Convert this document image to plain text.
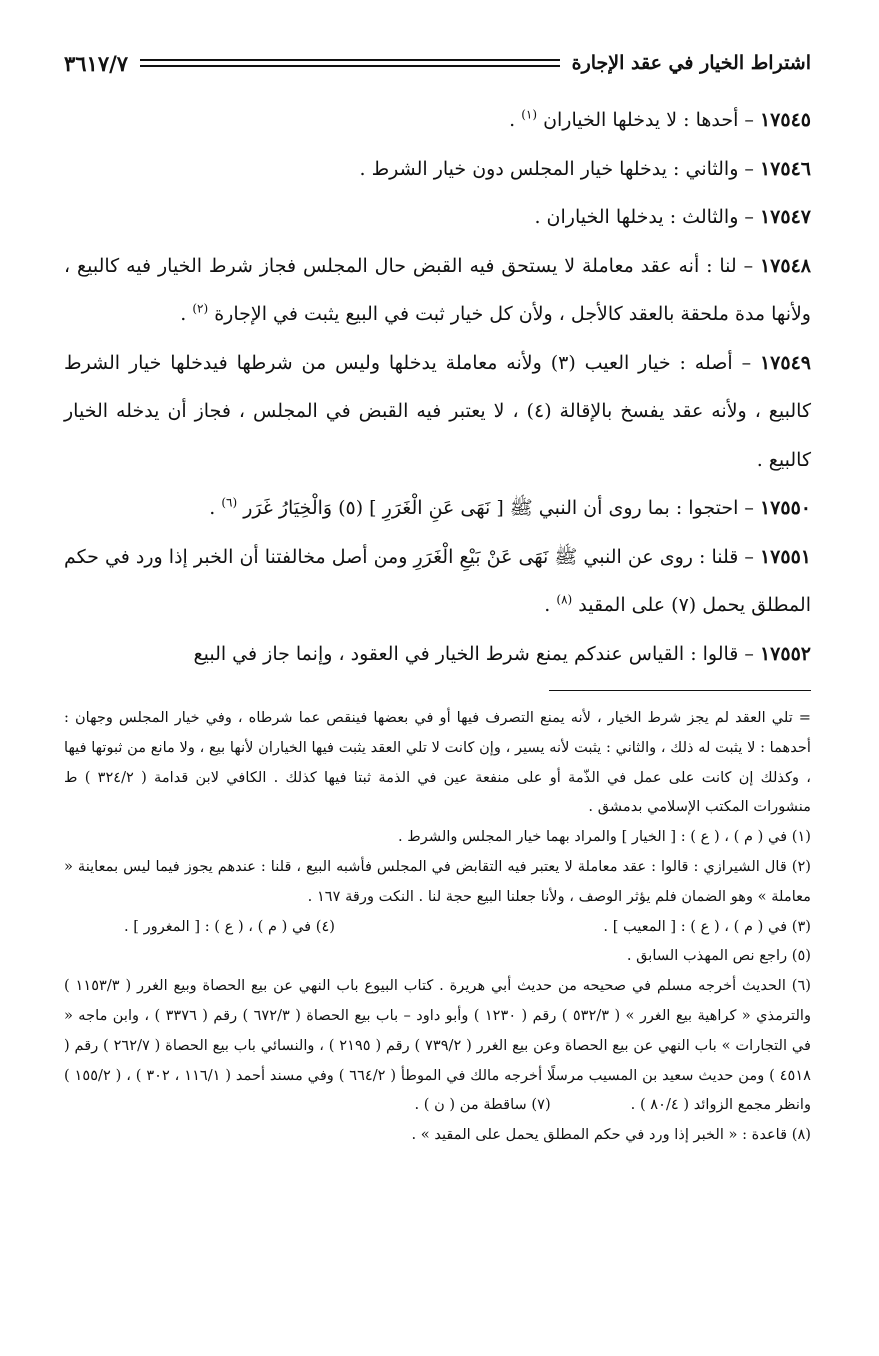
اشتراط الخيار في عقد الإجارة
٣٦١٧/٧

١٧٥٤٥ – أحدها : لا يدخلها الخياران $^{(١)}$ .

١٧٥٤٦ – والثاني : يدخلها خيار المجلس دون خيار الشرط .

١٧٥٤٧ – والثالث : يدخلها الخياران .

١٧٥٤٨ – لنا : أنه عقد معاملة لا يستحق فيه القبض حال المجلس فجاز شرط الخيار فيه كالبيع ، ولأنها مدة ملحقة بالعقد كالأجل ، ولأن كل خيار ثبت في البيع يثبت في الإجارة $^{(٢)}$ .

١٧٥٤٩ – أصله : خيار العيب (٣) ولأنه معاملة يدخلها وليس من شرطها فيدخلها خيار الشرط كالبيع ، ولأنه عقد يفسخ بالإقالة (٤) ، لا يعتبر فيه القبض في المجلس ، فجاز أن يدخله الخيار كالبيع .

١٧٥٥٠ – احتجوا : بما روى أن النبي ﷺ [ نَهَى عَنِ الْغَرَرِ ] (٥) وَالْخِيَارُ غَرَر $^{(٦)}$ .

١٧٥٥١ – قلنا : روى عن النبي ﷺ نَهَى عَنْ بَيْعِ الْغَرَرِ ومن أصل مخالفتنا أن الخبر إذا ورد في حكم المطلق يحمل (٧) على المقيد $^{(٨)}$ .

١٧٥٥٢ – قالوا : القياس عندكم يمنع شرط الخيار في العقود ، وإنما جاز في البيع

=تلي العقد لم يجز شرط الخيار ، لأنه يمنع التصرف فيها أو في بعضها فينقص عما شرطاه ، وفي خيار المجلس وجهان : أحدهما : لا يثبت له ذلك ، والثاني : يثبت لأنه يسير ، وإن كانت لا تلي العقد يثبت فيها الخياران لأنها بيع ، ولا مانع من ثبوتها فيها ، وكذلك إن كانت على عمل في الذّمة أو على منفعة عين في الذمة ثبتا فيها كذلك . الكافي لابن قدامة ( ٣٢٤/٢ ) ط منشورات المكتب الإسلامي بدمشق .

(١) في ( م ) ، ( ع ) : [ الخيار ] والمراد بهما خيار المجلس والشرط .

(٢) قال الشيرازي : قالوا : عقد معاملة لا يعتبر فيه التقابض في المجلس فأشبه البيع ، قلنا : عندهم يجوز فيما ليس بمعاينة « معاملة » وهو الضمان فلم يؤثر الوصف ، ولأنا جعلنا البيع حجة لنا . النكت ورقة ١٦٧ .

(٣) في ( م ) ، ( ع ) : [ المعيب ] .
(٤) في ( م ) ، ( ع ) : [ المغرور ] .

(٥) راجع نص المهذب السابق .

(٦) الحديث أخرجه مسلم في صحيحه من حديث أبي هريرة . كتاب البيوع باب النهي عن بيع الحصاة وبيع الغرر ( ١١٥٣/٣ ) والترمذي « كراهية بيع الغرر » ( ٥٣٢/٣ ) رقم ( ١٢٣٠ ) وأبو داود – باب بيع الحصاة ( ٦٧٢/٣ ) رقم ( ٣٣٧٦ ) ، وابن ماجه « في التجارات » باب النهي عن بيع الحصاة وعن بيع الغرر ( ٧٣٩/٢ ) رقم ( ٢١٩٥ ) ، والنسائي باب بيع الحصاة ( ٢٦٢/٧ ) رقم ( ٤٥١٨ ) ومن حديث سعيد بن المسيب مرسلًا أخرجه مالك في الموطأ ( ٦٦٤/٢ ) وفي مسند أحمد ( ١١٦/١ ، ٣٠٢ ) ، ( ١٥٥/٢ ) وانظر مجمع الزوائد ( ٨٠/٤ ) .(٧) ساقطة من ( ن ) .

(٨) قاعدة : « الخبر إذا ورد في حكم المطلق يحمل على المقيد » .
